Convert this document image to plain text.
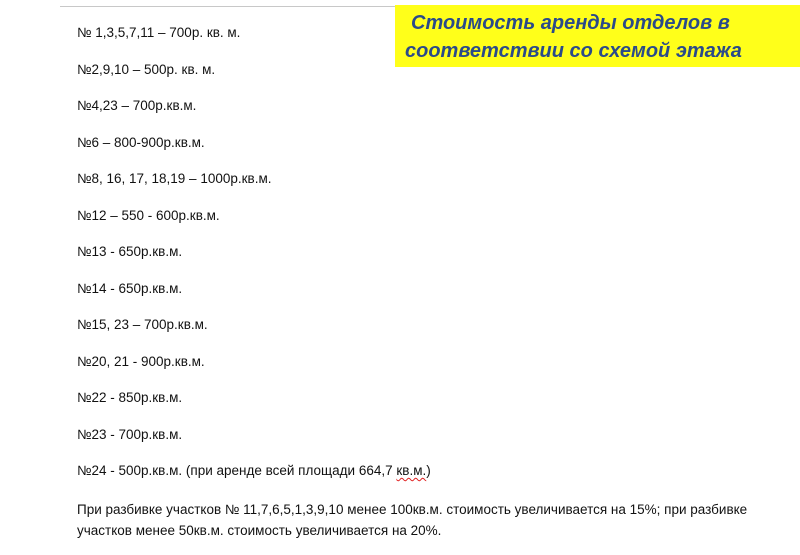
Стоимость аренды отделов в
соответствии со схемой этажа
№ 1,3,5,7,11 – 700р. кв. м.
№2,9,10 – 500р. кв. м.
№4,23 – 700р.кв.м.
№6 – 800-900р.кв.м.
№8, 16, 17, 18,19 – 1000р.кв.м.
№12 – 550 - 600р.кв.м.
№13 - 650р.кв.м.
№14 - 650р.кв.м.
№15, 23 – 700р.кв.м.
№20, 21 - 900р.кв.м.
№22 - 850р.кв.м.
№23 - 700р.кв.м.
№24 - 500р.кв.м. (при аренде всей площади 664,7 кв.м.)

При разбивке участков № 11,7,6,5,1,3,9,10 менее 100кв.м. стоимость увеличивается на 15%; при разбивке участков менее 50кв.м. стоимость увеличивается на 20%.
